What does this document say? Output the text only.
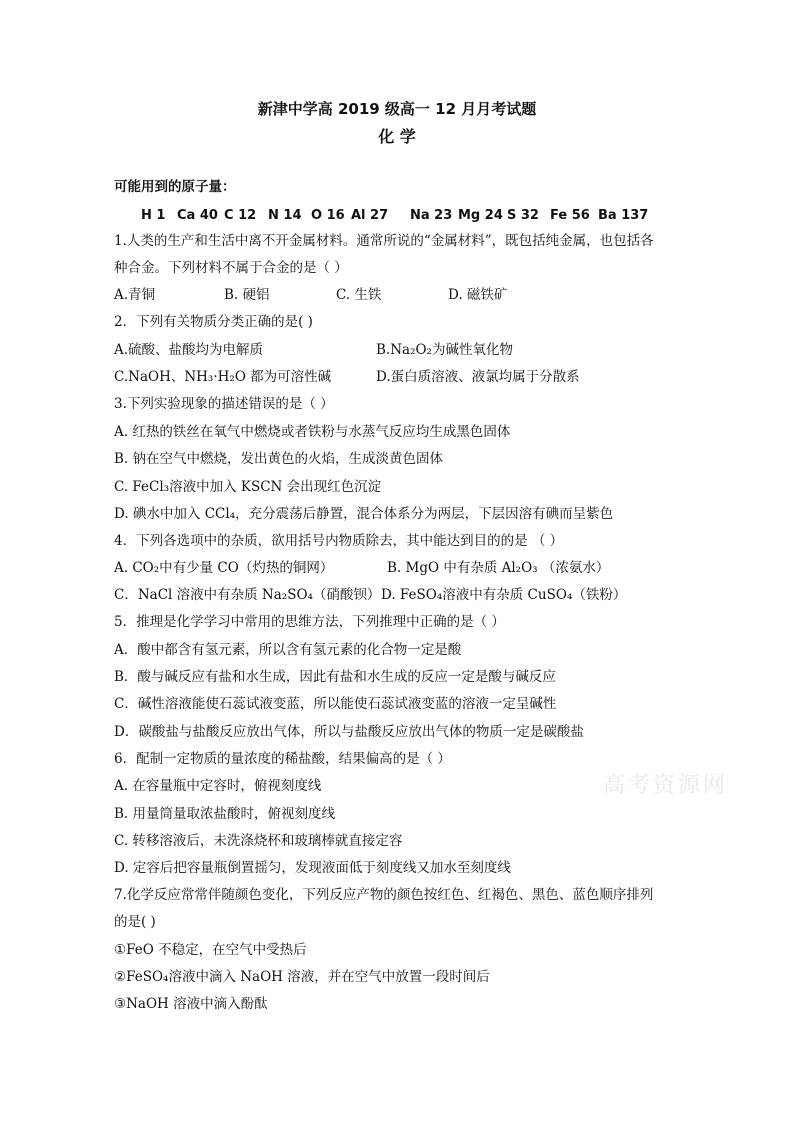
新津中学高 2019 级高一 12 月月考试题
化 学
可能用到的原子量：
H 1 Ca 40 C 12 N 14 O 16 Al 27 Na 23 Mg 24 S 32 Fe 56 Ba 137
1.人类的生产和生活中离不开金属材料。通常所说的“金属材料”，既包括纯金属，也包括各
种合金。下列材料不属于合金的是（ ）
A.青铜	B. 硬铝	C. 生铁	D. 磁铁矿
2．下列有关物质分类正确的是( )
A.硫酸、盐酸均为电解质	B.Na₂O₂为碱性氧化物
C.NaOH、NH₃·H₂O 都为可溶性碱	D.蛋白质溶液、液氯均属于分散系
3.下列实验现象的描述错误的是（ ）
A. 红热的铁丝在氧气中燃烧或者铁粉与水蒸气反应均生成黑色固体
B. 钠在空气中燃烧，发出黄色的火焰，生成淡黄色固体
C. FeCl₃溶液中加入 KSCN 会出现红色沉淀
D. 碘水中加入 CCl₄，充分震荡后静置，混合体系分为两层，下层因溶有碘而呈紫色
4．下列各选项中的杂质，欲用括号内物质除去，其中能达到目的的是 （ ）
A. CO₂中有少量 CO（灼热的铜网）	B. MgO 中有杂质 Al₂O₃ （浓氨水）
C．NaCl 溶液中有杂质 Na₂SO₄（硝酸钡） D. FeSO₄溶液中有杂质 CuSO₄（铁粉）
5．推理是化学学习中常用的思维方法，下列推理中正确的是（ ）
A．酸中都含有氢元素，所以含有氢元素的化合物一定是酸
B．酸与碱反应有盐和水生成，因此有盐和水生成的反应一定是酸与碱反应
C．碱性溶液能使石蕊试液变蓝，所以能使石蕊试液变蓝的溶液一定呈碱性
D．碳酸盐与盐酸反应放出气体，所以与盐酸反应放出气体的物质一定是碳酸盐
6．配制一定物质的量浓度的稀盐酸，结果偏高的是（ ）
A. 在容量瓶中定容时，俯视刻度线
B. 用量筒量取浓盐酸时，俯视刻度线
C. 转移溶液后，未洗涤烧杯和玻璃棒就直接定容
D. 定容后把容量瓶倒置摇匀，发现液面低于刻度线又加水至刻度线
7.化学反应常常伴随颜色变化，下列反应产物的颜色按红色、红褐色、黑色、蓝色顺序排列
的是( )
①FeO 不稳定，在空气中受热后
②FeSO₄溶液中滴入 NaOH 溶液，并在空气中放置一段时间后
③NaOH 溶液中滴入酚酞
高考资源网
